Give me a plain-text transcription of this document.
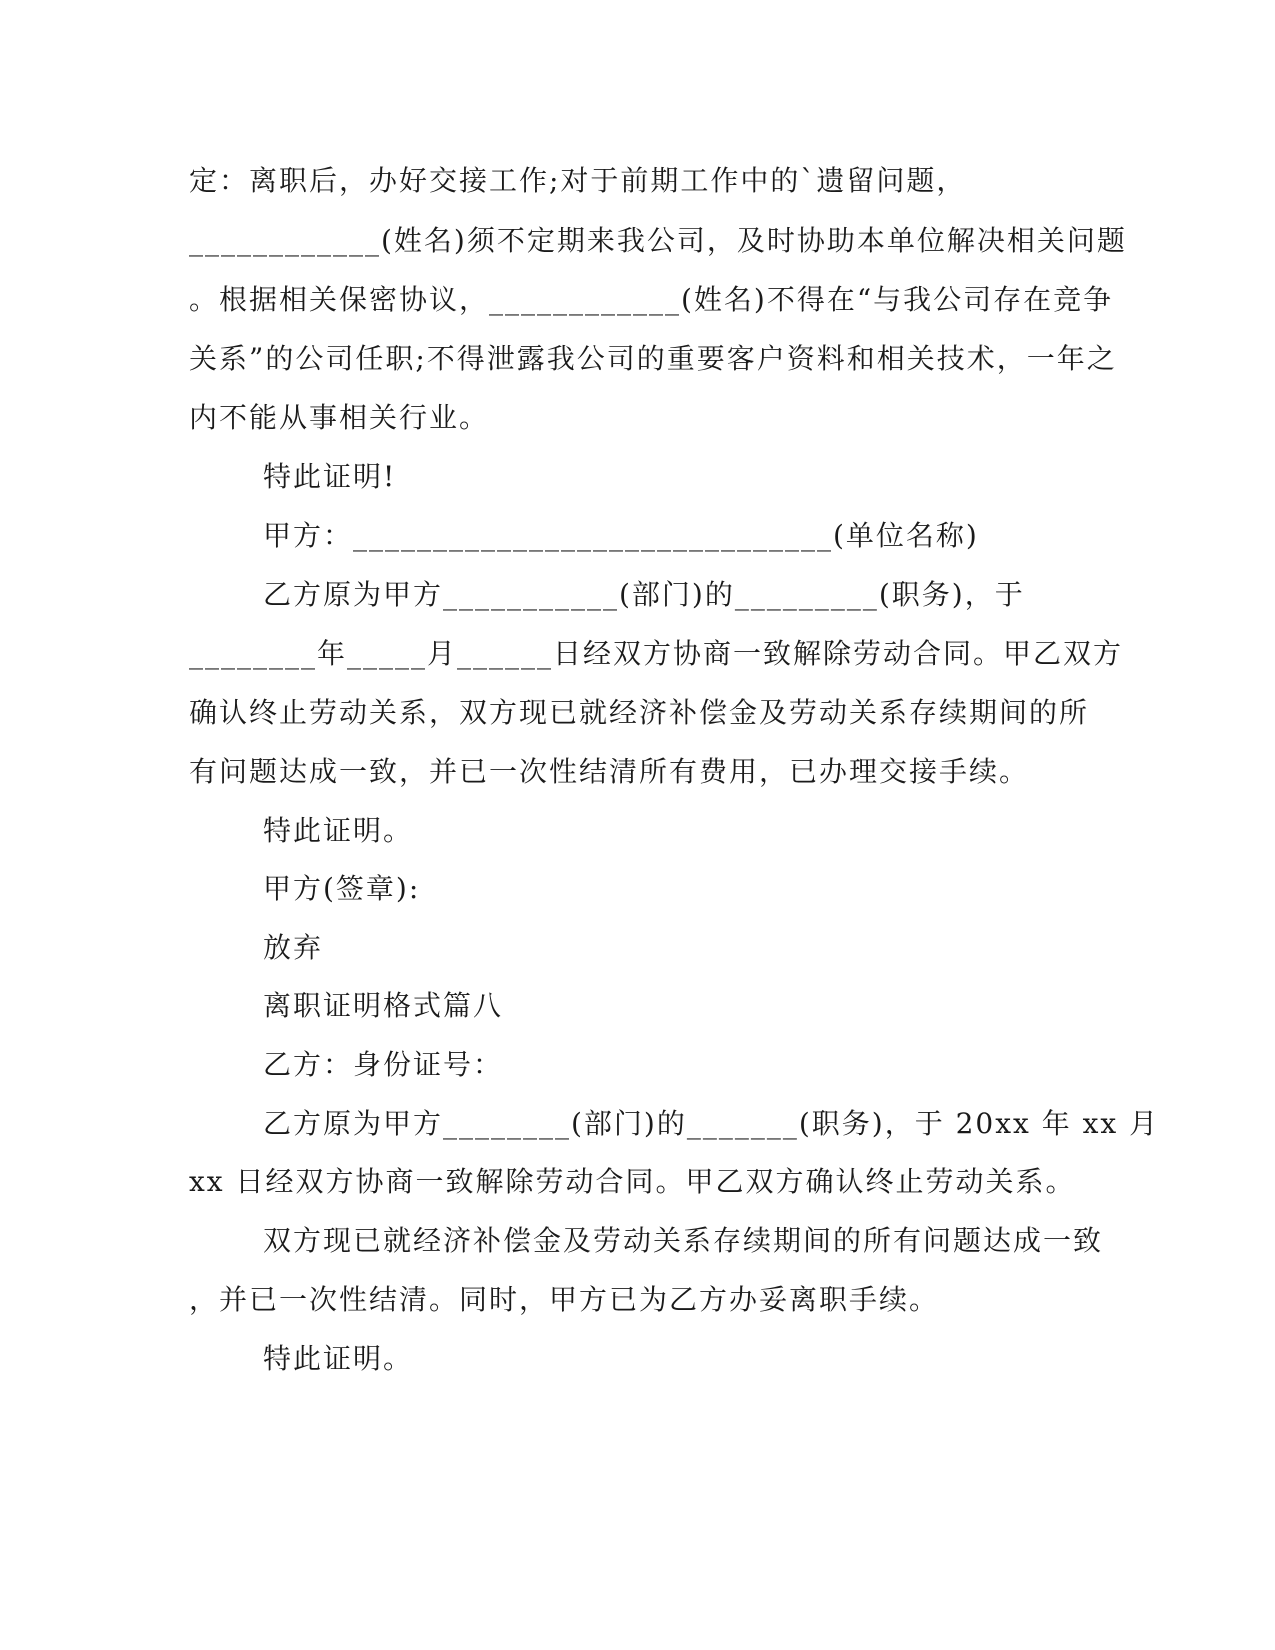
定：离职后，办好交接工作;对于前期工作中的`遗留问题，
____________(姓名)须不定期来我公司，及时协助本单位解决相关问题
。根据相关保密协议，____________(姓名)不得在“与我公司存在竞争
关系”的公司任职;不得泄露我公司的重要客户资料和相关技术，一年之
内不能从事相关行业。
特此证明!
甲方：______________________________(单位名称)
乙方原为甲方___________(部门)的_________(职务)，于
________年_____月______日经双方协商一致解除劳动合同。甲乙双方
确认终止劳动关系，双方现已就经济补偿金及劳动关系存续期间的所
有问题达成一致，并已一次性结清所有费用，已办理交接手续。
特此证明。
甲方(签章):
放弃
离职证明格式篇八
乙方：身份证号：
乙方原为甲方________(部门)的_______(职务)，于 20xx 年 xx 月
xx 日经双方协商一致解除劳动合同。甲乙双方确认终止劳动关系。
双方现已就经济补偿金及劳动关系存续期间的所有问题达成一致
，并已一次性结清。同时，甲方已为乙方办妥离职手续。
特此证明。
